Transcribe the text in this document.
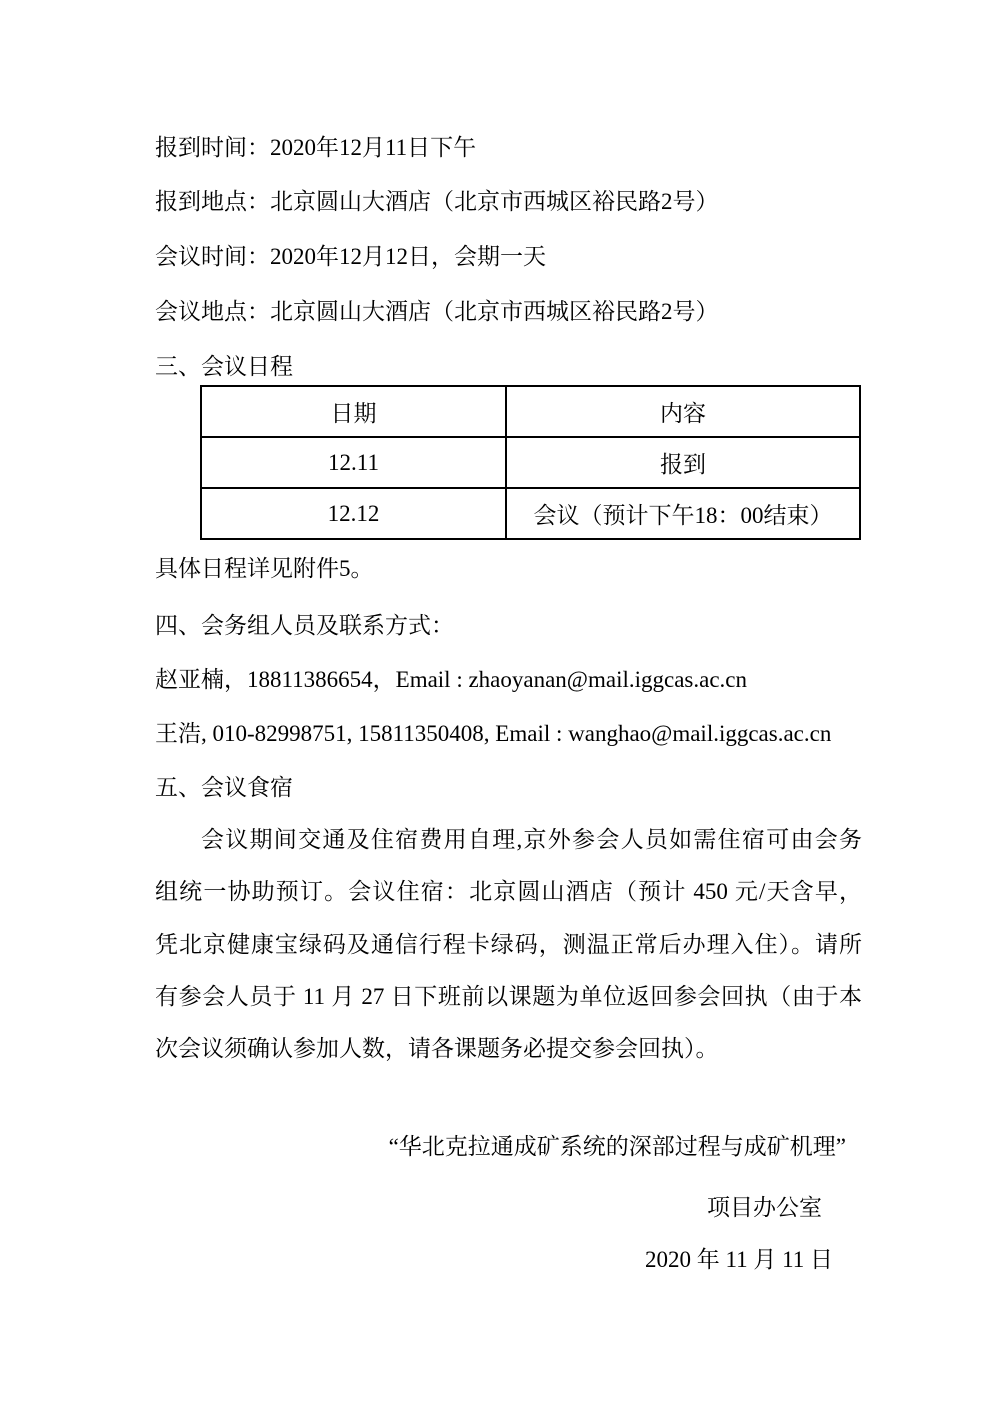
报到时间：2020年12月11日下午
报到地点：北京圆山大酒店（北京市西城区裕民路2号）
会议时间：2020年12月12日，会期一天
会议地点：北京圆山大酒店（北京市西城区裕民路2号）
三、会议日程
日期	内容
12.11	报到
12.12	会议（预计下午18：00结束）
具体日程详见附件5。
四、会务组人员及联系方式：
赵亚楠，18811386654，Email : zhaoyanan@mail.iggcas.ac.cn
王浩, 010-82998751, 15811350408, Email : wanghao@mail.iggcas.ac.cn
五、会议食宿
会议期间交通及住宿费用自理,京外参会人员如需住宿可由会务
组统一协助预订。会议住宿：北京圆山酒店（预计 450 元/天含早，
凭北京健康宝绿码及通信行程卡绿码，测温正常后办理入住）。请所
有参会人员于 11 月 27 日下班前以课题为单位返回参会回执（由于本
次会议须确认参加人数，请各课题务必提交参会回执）。
“华北克拉通成矿系统的深部过程与成矿机理”
项目办公室
2020 年 11 月 11 日
